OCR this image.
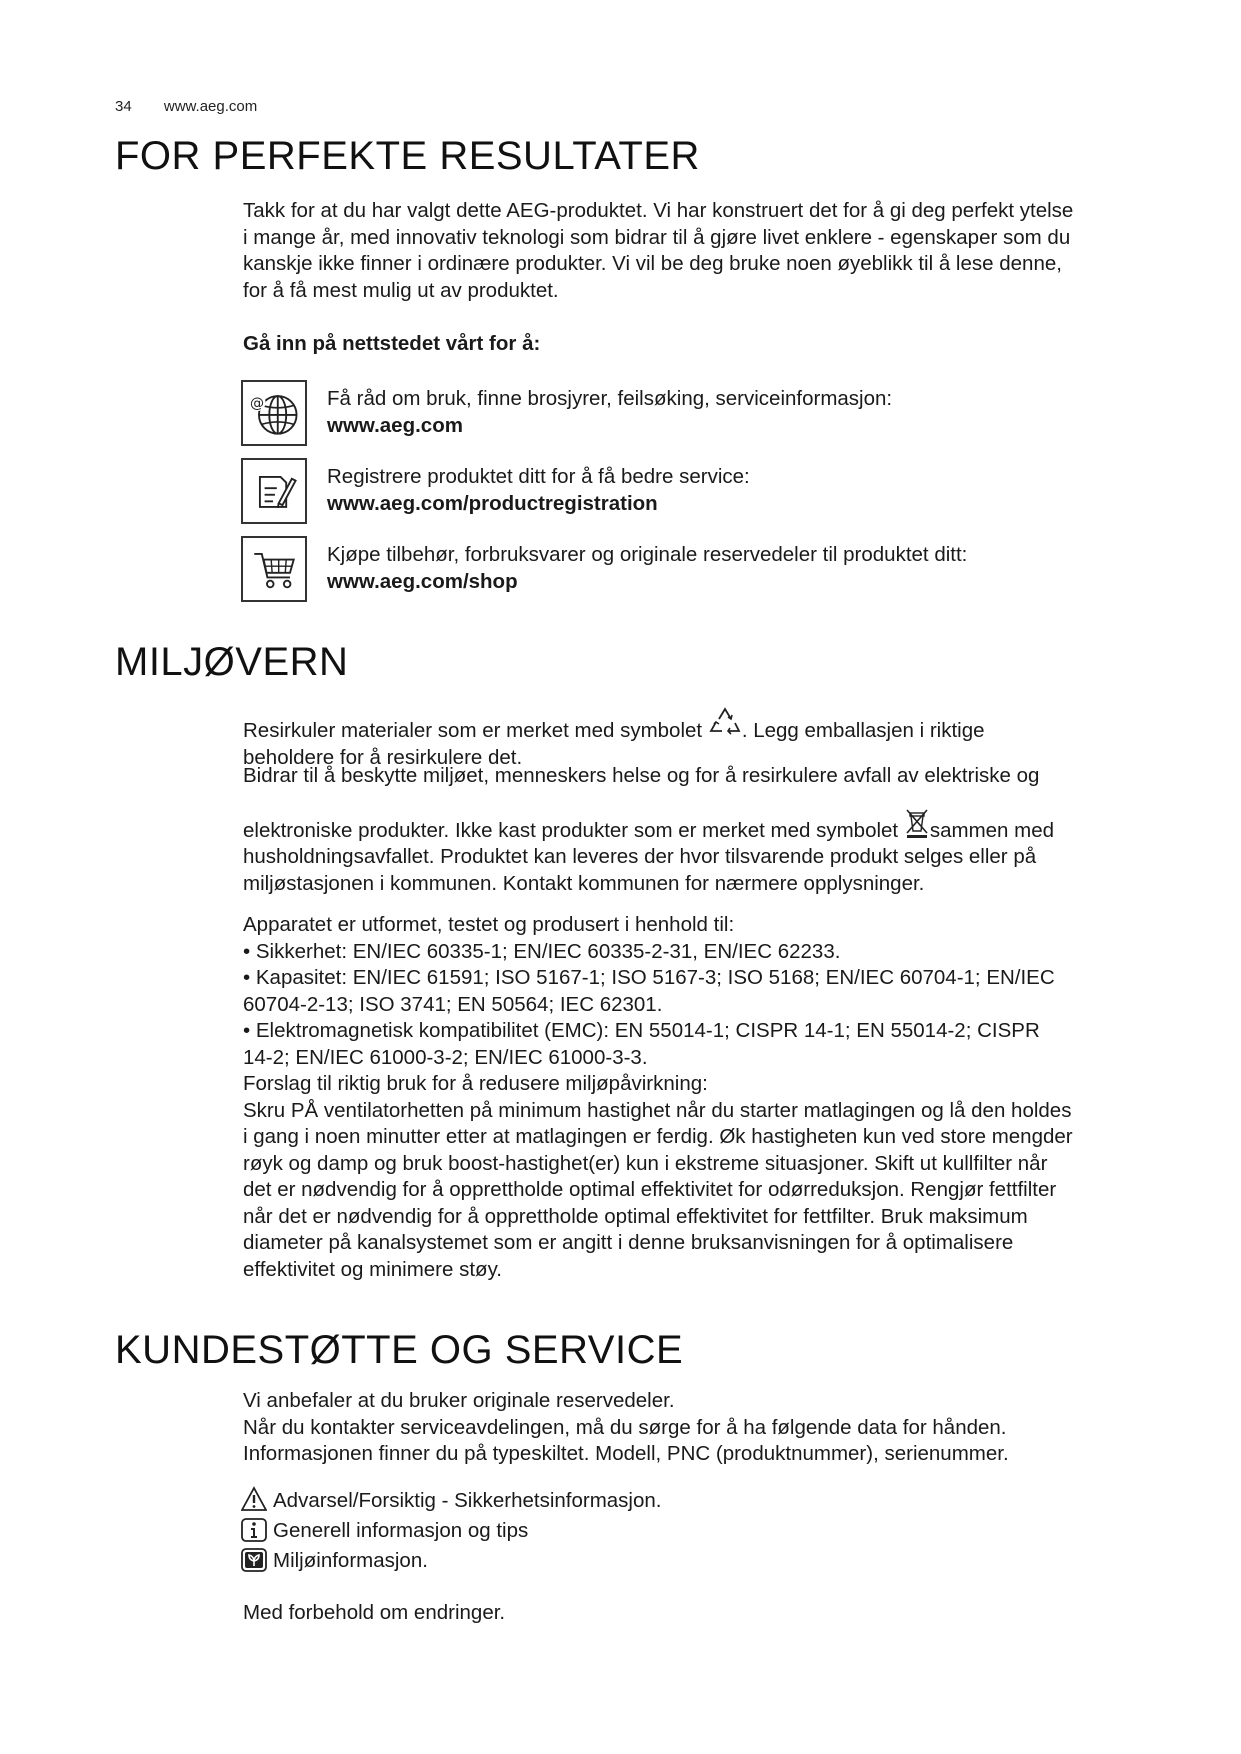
34 www.aeg.com
FOR PERFEKTE RESULTATER

Takk for at du har valgt dette AEG-produktet. Vi har konstruert det for å gi deg perfekt ytelse

i mange år, med innovativ teknologi som bidrar til å gjøre livet enklere - egenskaper som du

kanskje ikke finner i ordinære produkter. Vi vil be deg bruke noen øyeblikk til å lese denne,

for å få mest mulig ut av produktet.

Gå inn på nettstedet vårt for å:
@	Få råd om bruk, finne brosjyrer, feilsøking, serviceinformasjon:
www.aeg.com
Registrere produktet ditt for å få bedre service:
www.aeg.com/productregistration
Kjøpe tilbehør, forbruksvarer og originale reservedeler til produktet ditt:
www.aeg.com/shop
MILJØVERN

Resirkuler materialer som er merket med symbolet . Legg emballasjen i riktige

beholdere for å resirkulere det.

Bidrar til å beskytte miljøet, menneskers helse og for å resirkulere avfall av elektriske og

elektroniske produkter. Ikke kast produkter som er merket med symbolet sammen med

husholdningsavfallet. Produktet kan leveres der hvor tilsvarende produkt selges eller på

miljøstasjonen i kommunen. Kontakt kommunen for nærmere opplysninger.

Apparatet er utformet, testet og produsert i henhold til:

• Sikkerhet: EN/IEC 60335-1; EN/IEC 60335-2-31, EN/IEC 62233.

• Kapasitet: EN/IEC 61591; ISO 5167-1; ISO 5167-3; ISO 5168; EN/IEC 60704-1; EN/IEC

60704-2-13; ISO 3741; EN 50564; IEC 62301.

• Elektromagnetisk kompatibilitet (EMC): EN 55014-1; CISPR 14-1; EN 55014-2; CISPR

14-2; EN/IEC 61000-3-2; EN/IEC 61000-3-3.

Forslag til riktig bruk for å redusere miljøpåvirkning:

Skru PÅ ventilatorhetten på minimum hastighet når du starter matlagingen og lå den holdes

i gang i noen minutter etter at matlagingen er ferdig. Øk hastigheten kun ved store mengder

røyk og damp og bruk boost-hastighet(er) kun i ekstreme situasjoner. Skift ut kullfilter når

det er nødvendig for å opprettholde optimal effektivitet for odørreduksjon. Rengjør fettfilter

når det er nødvendig for å opprettholde optimal effektivitet for fettfilter. Bruk maksimum

diameter på kanalsystemet som er angitt i denne bruksanvisningen for å optimalisere

effektivitet og minimere støy.

KUNDESTØTTE OG SERVICE

Vi anbefaler at du bruker originale reservedeler.

Når du kontakter serviceavdelingen, må du sørge for å ha følgende data for hånden.

Informasjonen finner du på typeskiltet. Modell, PNC (produktnummer), serienummer.

Advarsel/Forsiktig - Sikkerhetsinformasjon.
Generell informasjon og tips
Miljøinformasjon.
Med forbehold om endringer.
